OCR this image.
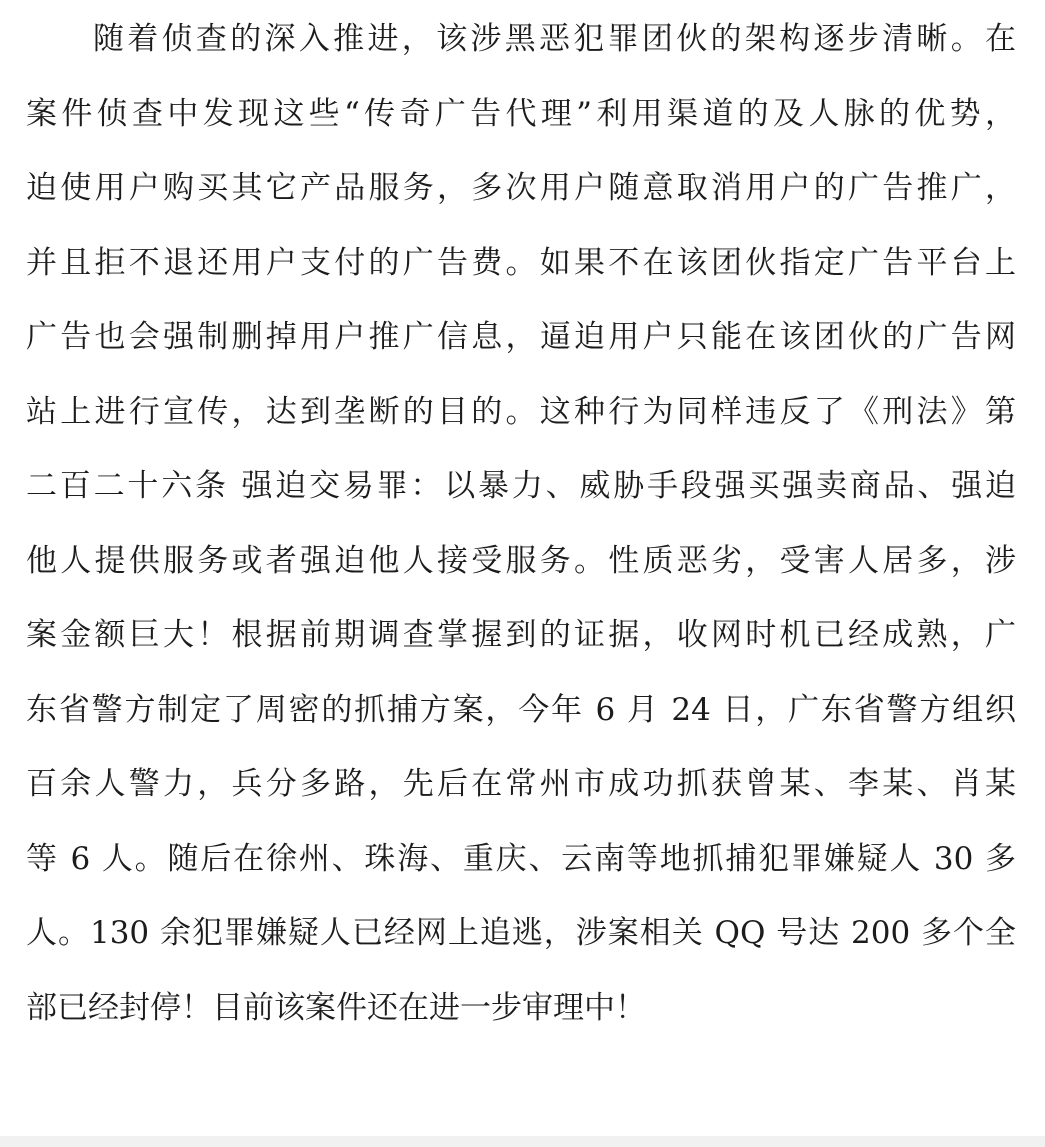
随着侦查的深入推进，该涉黑恶犯罪团伙的架构逐步清晰。在
案件侦查中发现这些“传奇广告代理”利用渠道的及人脉的优势，
迫使用户购买其它产品服务，多次用户随意取消用户的广告推广，
并且拒不退还用户支付的广告费。如果不在该团伙指定广告平台上
广告也会强制删掉用户推广信息，逼迫用户只能在该团伙的广告网
站上进行宣传，达到垄断的目的。这种行为同样违反了《刑法》第
二百二十六条 强迫交易罪：以暴力、威胁手段强买强卖商品、强迫
他人提供服务或者强迫他人接受服务。性质恶劣，受害人居多，涉
案金额巨大！根据前期调查掌握到的证据，收网时机已经成熟，广
东省警方制定了周密的抓捕方案，今年 6 月 24 日，广东省警方组织
百余人警力，兵分多路，先后在常州市成功抓获曾某、李某、肖某
等 6 人。随后在徐州、珠海、重庆、云南等地抓捕犯罪嫌疑人 30 多
人。130 余犯罪嫌疑人已经网上追逃，涉案相关 QQ 号达 200 多个全
部已经封停！目前该案件还在进一步审理中！
